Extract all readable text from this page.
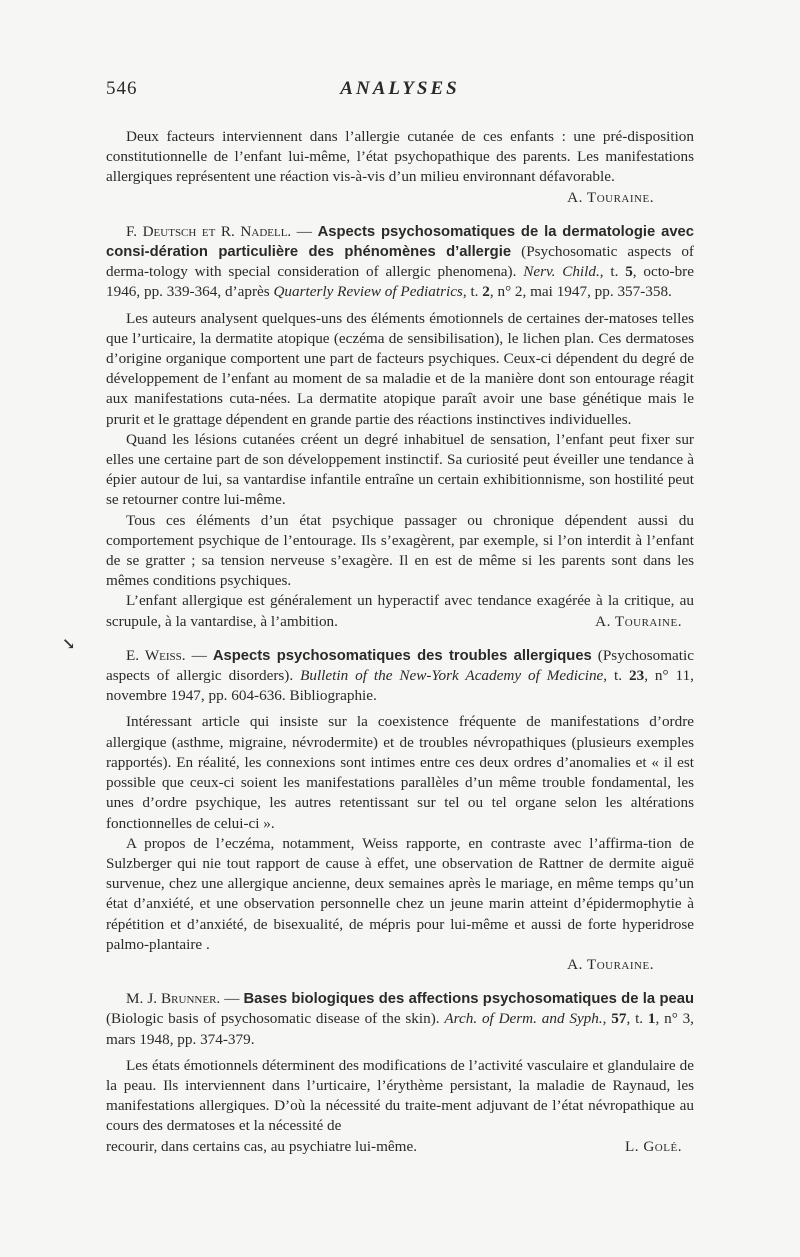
546	ANALYSES
↘

Deux facteurs interviennent dans l’allergie cutanée de ces enfants : une pré-disposition constitutionnelle de l’enfant lui-même, l’état psychopathique des parents. Les manifestations allergiques représentent une réaction vis-à-vis d’un milieu environnant défavorable.

A. Touraine.

F. Deutsch et R. Nadell. — Aspects psychosomatiques de la dermatologie avec consi-dération particulière des phénomènes d’allergie (Psychosomatic aspects of derma-tology with special consideration of allergic phenomena). Nerv. Child., t. 5, octo-bre 1946, pp. 339-364, d’après Quarterly Review of Pediatrics, t. 2, n° 2, mai 1947, pp. 357-358.

Les auteurs analysent quelques-uns des éléments émotionnels de certaines der-matoses telles que l’urticaire, la dermatite atopique (eczéma de sensibilisation), le lichen plan. Ces dermatoses d’origine organique comportent une part de facteurs psychiques. Ceux-ci dépendent du degré de développement de l’enfant au moment de sa maladie et de la manière dont son entourage réagit aux manifestations cuta-nées. La dermatite atopique paraît avoir une base génétique mais le prurit et le grattage dépendent en grande partie des réactions instinctives individuelles.

Quand les lésions cutanées créent un degré inhabituel de sensation, l’enfant peut fixer sur elles une certaine part de son développement instinctif. Sa curiosité peut éveiller une tendance à épier autour de lui, sa vantardise infantile entraîne un certain exhibitionnisme, son hostilité peut se retourner contre lui-même.

Tous ces éléments d’un état psychique passager ou chronique dépendent aussi du comportement psychique de l’entourage. Ils s’exagèrent, par exemple, si l’on interdit à l’enfant de se gratter ; sa tension nerveuse s’exagère. Il en est de même si les parents sont dans les mêmes conditions psychiques.

L’enfant allergique est généralement un hyperactif avec tendance exagérée à la critique, au scrupule, à la vantardise, à l’ambition.	A. Touraine.

E. Weiss. — Aspects psychosomatiques des troubles allergiques (Psychosomatic aspects of allergic disorders). Bulletin of the New-York Academy of Medicine, t. 23, n° 11, novembre 1947, pp. 604-636. Bibliographie.

Intéressant article qui insiste sur la coexistence fréquente de manifestations d’ordre allergique (asthme, migraine, névrodermite) et de troubles névropathiques (plusieurs exemples rapportés). En réalité, les connexions sont intimes entre ces deux ordres d’anomalies et « il est possible que ceux-ci soient les manifestations parallèles d’un même trouble fondamental, les unes d’ordre psychique, les autres retentissant sur tel ou tel organe selon les altérations fonctionnelles de celui-ci ».

A propos de l’eczéma, notamment, Weiss rapporte, en contraste avec l’affirma-tion de Sulzberger qui nie tout rapport de cause à effet, une observation de Rattner de dermite aiguë survenue, chez une allergique ancienne, deux semaines après le mariage, en même temps qu’un état d’anxiété, et une observation personnelle chez un jeune marin atteint d’épidermophytie à répétition et d’anxiété, de bisexualité, de mépris pour lui-même et aussi de forte hyperidrose palmo-plantaire .

A. Touraine.

M. J. Brunner. — Bases biologiques des affections psychosomatiques de la peau (Biologic basis of psychosomatic disease of the skin). Arch. of Derm. and Syph., 57, t. 1, n° 3, mars 1948, pp. 374-379.

Les états émotionnels déterminent des modifications de l’activité vasculaire et glandulaire de la peau. Ils interviennent dans l’urticaire, l’érythème persistant, la maladie de Raynaud, les manifestations allergiques. D’où la nécessité du traite-ment adjuvant de l’état névropathique au cours des dermatoses et la nécessité de

recourir, dans certains cas, au psychiatre lui-même.	L. Golé.
